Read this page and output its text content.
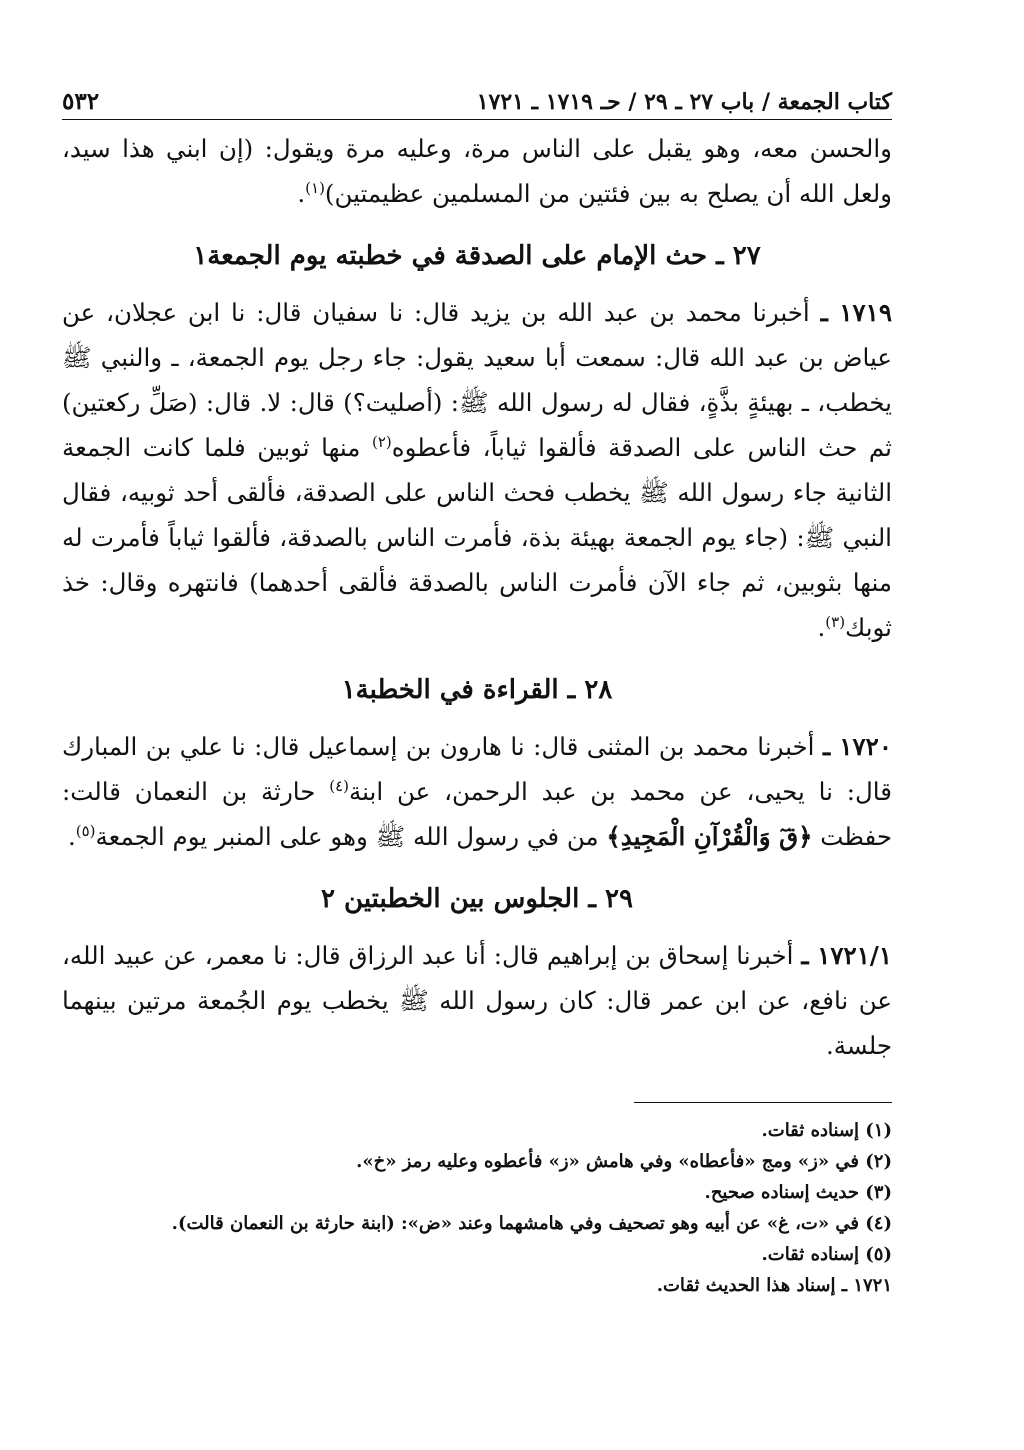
كتاب الجمعة / باب ٢٧ ـ ٢٩ / حـ ١٧١٩ ـ ١٧٢١
٥٣٢

والحسن معه، وهو يقبل على الناس مرة، وعليه مرة ويقول: (إن ابني هذا سيد، ولعل الله أن يصلح به بين فئتين من المسلمين عظيمتين)$^{(١)}$.

٢٧ ـ حث الإمام على الصدقة في خطبته يوم الجمعة١

١٧١٩ ـ أخبرنا محمد بن عبد الله بن يزيد قال: نا سفيان قال: نا ابن عجلان، عن عياض بن عبد الله قال: سمعت أبا سعيد يقول: جاء رجل يوم الجمعة، ـ والنبي ﷺ يخطب، ـ بهيئةٍ بذَّةٍ، فقال له رسول الله ﷺ: (أصليت؟) قال: لا. قال: (صَلِّ ركعتين) ثم حث الناس على الصدقة فألقوا ثياباً، فأعطوه$^{(٢)}$ منها ثوبين فلما كانت الجمعة الثانية جاء رسول الله ﷺ يخطب فحث الناس على الصدقة، فألقى أحد ثوبيه، فقال النبي ﷺ: (جاء يوم الجمعة بهيئة بذة، فأمرت الناس بالصدقة، فألقوا ثياباً فأمرت له منها بثوبين، ثم جاء الآن فأمرت الناس بالصدقة فألقى أحدهما) فانتهره وقال: خذ ثوبك$^{(٣)}$.

٢٨ ـ القراءة في الخطبة١

١٧٢٠ ـ أخبرنا محمد بن المثنى قال: نا هارون بن إسماعيل قال: نا علي بن المبارك قال: نا يحيى، عن محمد بن عبد الرحمن، عن ابنة$^{(٤)}$ حارثة بن النعمان قالت: حفظت ﴿قٓ وَالْقُرْآنِ الْمَجِيدِ﴾ من في رسول الله ﷺ وهو على المنبر يوم الجمعة$^{(٥)}$.

٢٩ ـ الجلوس بين الخطبتين ٢

١٧٢١/١ ـ أخبرنا إسحاق بن إبراهيم قال: أنا عبد الرزاق قال: نا معمر، عن عبيد الله، عن نافع، عن ابن عمر قال: كان رسول الله ﷺ يخطب يوم الجُمعة مرتين بينهما جلسة.

(١) إسناده ثقات.
(٢) في «ز» ومج «فأعطاه» وفي هامش «ز» فأعطوه وعليه رمز «خ».
(٣) حديث إسناده صحيح.
(٤) في «ت، غ» عن أبيه وهو تصحيف وفي هامشهما وعند «ض»: (ابنة حارثة بن النعمان قالت).
(٥) إسناده ثقات.
١٧٢١ ـ إسناد هذا الحديث ثقات.
